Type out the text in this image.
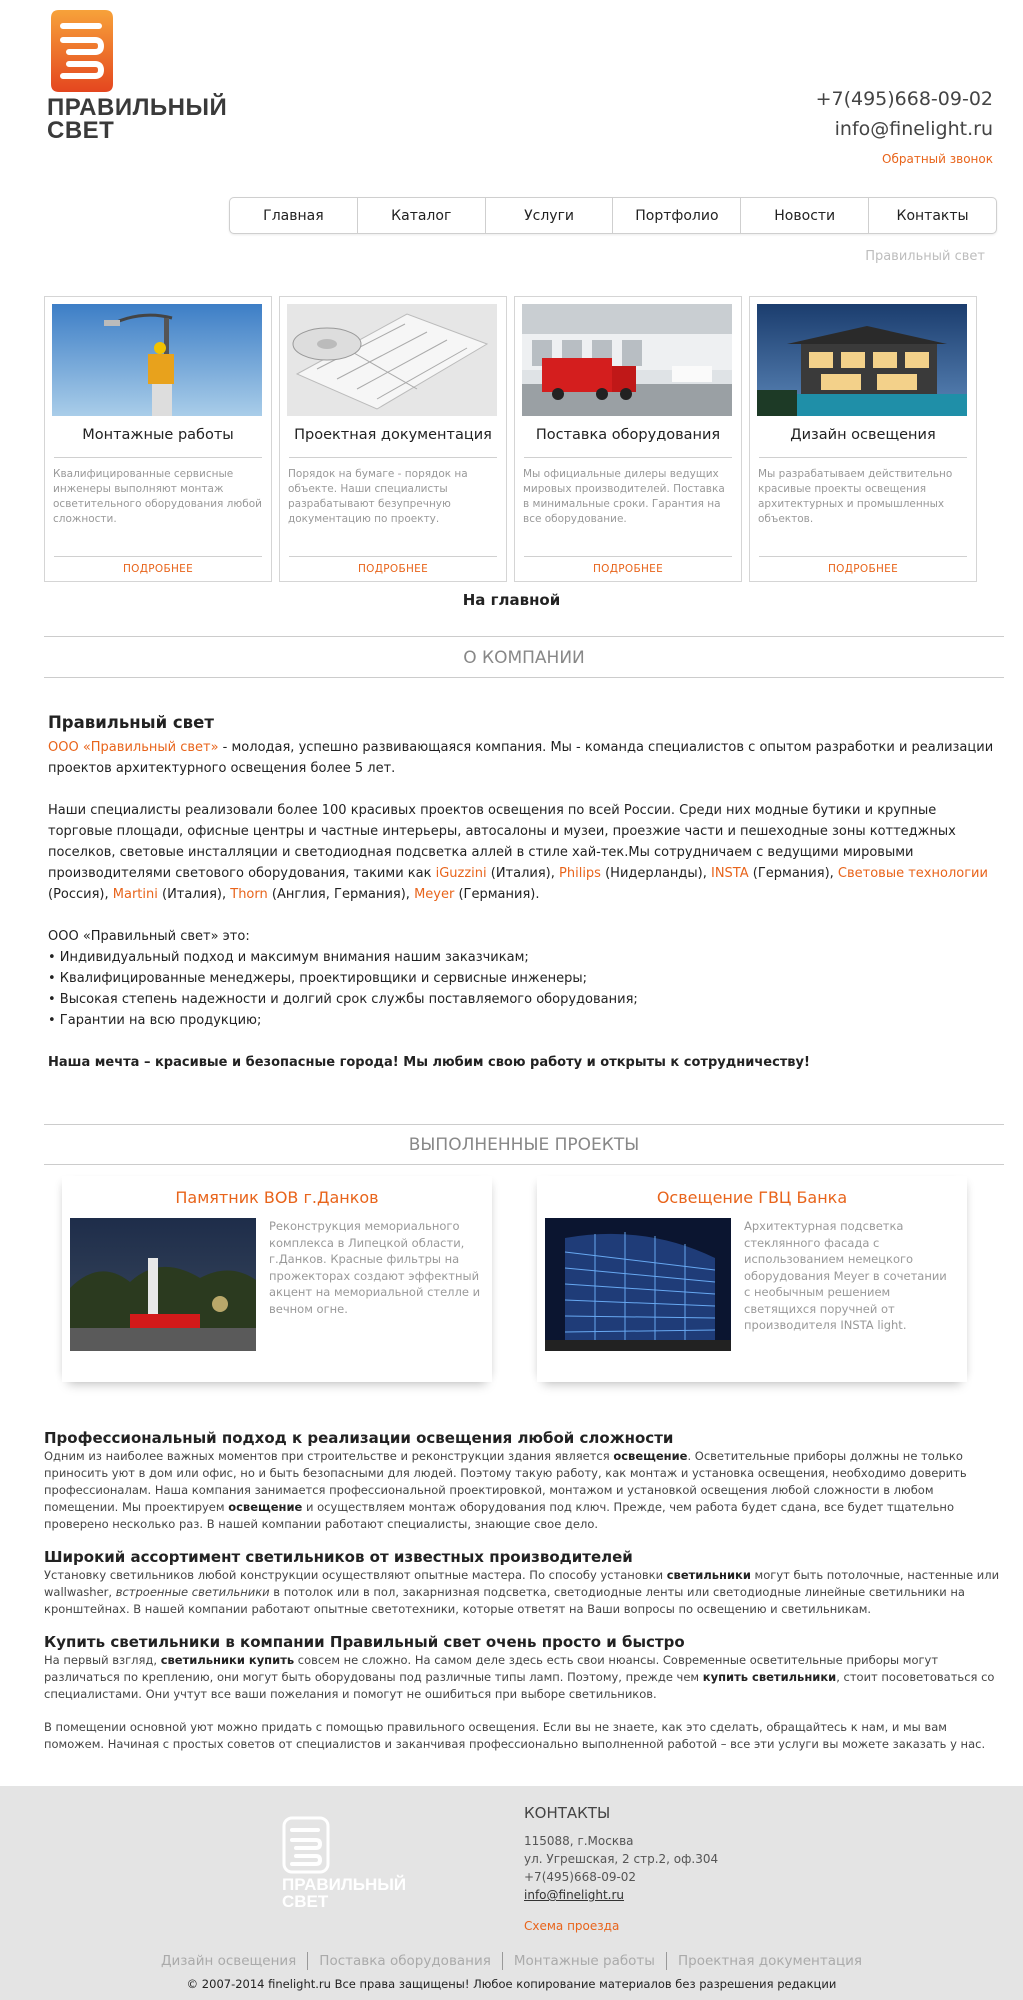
ПРАВИЛЬНЫЙ
СВЕТ
+7(495)668-09-02
info@finelight.ru
Обратный звонок
Главная	Каталог	Услуги	Портфолио	Новости	Контакты
Правильный свет
Монтажные работы
Квалифицированные сервисные инженеры выполняют монтаж осветительного оборудования любой сложности.
ПОДРОБНЕЕ
Проектная документация
Порядок на бумаге - порядок на объекте. Наши специалисты разрабатывают безупречную документацию по проекту.
ПОДРОБНЕЕ
Поставка оборудования
Мы официальные дилеры ведущих мировых производителей. Поставка в минимальные сроки. Гарантия на все оборудование.
ПОДРОБНЕЕ
Дизайн освещения
Мы разрабатываем действительно красивые проекты освещения архитектурных и промышленных объектов.
ПОДРОБНЕЕ
На главной
О КОМПАНИИ
Правильный свет

ООО «Правильный свет» - молодая, успешно развивающаяся компания. Мы - команда специалистов с опытом разработки и реализации проектов архитектурного освещения более 5 лет.

Наши специалисты реализовали более 100 красивых проектов освещения по всей России. Среди них модные бутики и крупные торговые площади, офисные центры и частные интерьеры, автосалоны и музеи, проезжие части и пешеходные зоны коттеджных поселков, световые инсталляции и светодиодная подсветка аллей в стиле хай-тек.Мы сотрудничаем с ведущими мировыми производителями светового оборудования, такими как iGuzzini (Италия), Philips (Нидерланды), INSTA (Германия), Световые технологии (Россия), Martini (Италия), Thorn (Англия, Германия), Meyer (Германия).

ООО «Правильный свет» это:
• Индивидуальный подход и максимум внимания нашим заказчикам;
• Квалифицированные менеджеры, проектировщики и сервисные инженеры;
• Высокая степень надежности и долгий срок службы поставляемого оборудования;
• Гарантии на всю продукцию;

Наша мечта – красивые и безопасные города! Мы любим свою работу и открыты к сотрудничеству!

ВЫПОЛНЕННЫЕ ПРОЕКТЫ
Памятник ВОВ г.Данков
Реконструкция мемориального комплекса в Липецкой области, г.Данков. Красные фильтры на прожекторах создают эффектный акцент на мемориальной стелле и вечном огне.
Освещение ГВЦ Банка
Архитектурная подсветка стеклянного фасада с использованием немецкого оборудования Meyer в сочетании с необычным решением светящихся поручней от производителя INSTA light.
Профессиональный подход к реализации освещения любой сложности

Одним из наиболее важных моментов при строительстве и реконструкции здания является освещение. Осветительные приборы должны не только приносить уют в дом или офис, но и быть безопасными для людей. Поэтому такую работу, как монтаж и установка освещения, необходимо доверить профессионалам. Наша компания занимается профессиональной проектировкой, монтажом и установкой освещения любой сложности в любом помещении. Мы проектируем освещение и осуществляем монтаж оборудования под ключ. Прежде, чем работа будет сдана, все будет тщательно проверено несколько раз. В нашей компании работают специалисты, знающие свое дело.

Широкий ассортимент светильников от известных производителей

Установку светильников любой конструкции осуществляют опытные мастера. По способу установки светильники могут быть потолочные, настенные или wallwasher, встроенные светильники в потолок или в пол, закарнизная подсветка, светодиодные ленты или светодиодные линейные светильники на кронштейнах. В нашей компании работают опытные светотехники, которые ответят на Ваши вопросы по освещению и светильникам.

Купить светильники в компании Правильный свет очень просто и быстро

На первый взгляд, светильники купить совсем не сложно. На самом деле здесь есть свои нюансы. Современные осветительные приборы могут различаться по креплению, они могут быть оборудованы под различные типы ламп. Поэтому, прежде чем купить светильники, стоит посоветоваться со специалистами. Они учтут все ваши пожелания и помогут не ошибиться при выборе светильников.

В помещении основной уют можно придать с помощью правильного освещения. Если вы не знаете, как это сделать, обращайтесь к нам, и мы вам поможем. Начиная с простых советов от специалистов и заканчивая профессионально выполненной работой – все эти услуги вы можете заказать у нас.

ПРАВИЛЬНЫЙ
СВЕТ
КОНТАКТЫ
115088, г.Москва
ул. Угрешская, 2 стр.2, оф.304
+7(495)668-09-02
info@finelight.ru
Схема проезда
Дизайн освещения	Поставка оборудования	Монтажные работы	Проектная документация
© 2007-2014 finelight.ru Все права защищены! Любое копирование материалов без разрешения редакции
